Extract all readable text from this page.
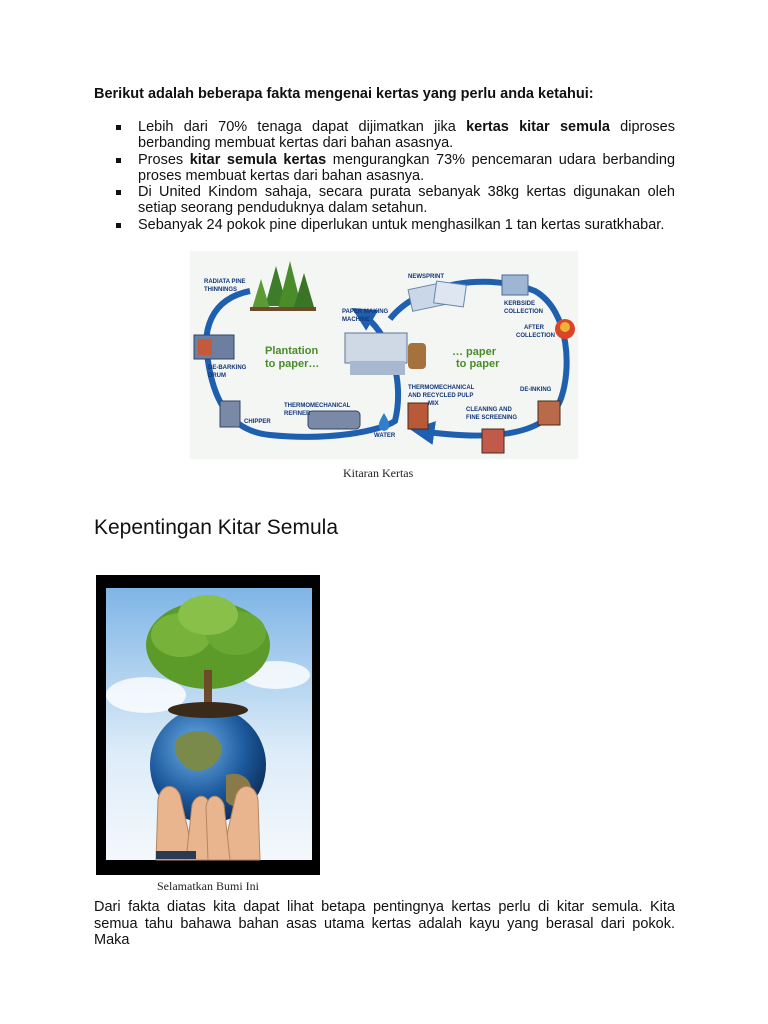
Berikut adalah beberapa fakta mengenai kertas yang perlu anda ketahui:
Lebih dari 70% tenaga dapat dijimatkan jika kertas kitar semula diproses berbanding membuat kertas dari bahan asasnya.
Proses kitar semula kertas mengurangkan 73% pencemaran udara berbanding proses membuat kertas dari bahan asasnya.
Di United Kindom sahaja, secara purata sebanyak 38kg kertas digunakan oleh setiap seorang penduduknya dalam setahun.
Sebanyak 24 pokok pine diperlukan untuk menghasilkan 1 tan kertas suratkhabar.
RADIATA PINE
THINNINGS
NEWSPRINT
PAPER MAKING
MACHINE
KERBSIDE
COLLECTION
AFTER
COLLECTION
DE-BARKING
DRUM
THERMOMECHANICAL
AND RECYCLED PULP
MIX
DE-INKING
THERMOMECHANICAL
REFINER
CHIPPER
WATER
CLEANING AND
FINE SCREENING
Plantation
to paper…
… paper
to paper
Kitaran Kertas
Kepentingan Kitar Semula
Selamatkan Bumi Ini

Dari fakta diatas kita dapat lihat betapa pentingnya kertas perlu di kitar semula. Kita semua tahu bahawa bahan asas utama kertas adalah kayu yang berasal dari pokok. Maka
